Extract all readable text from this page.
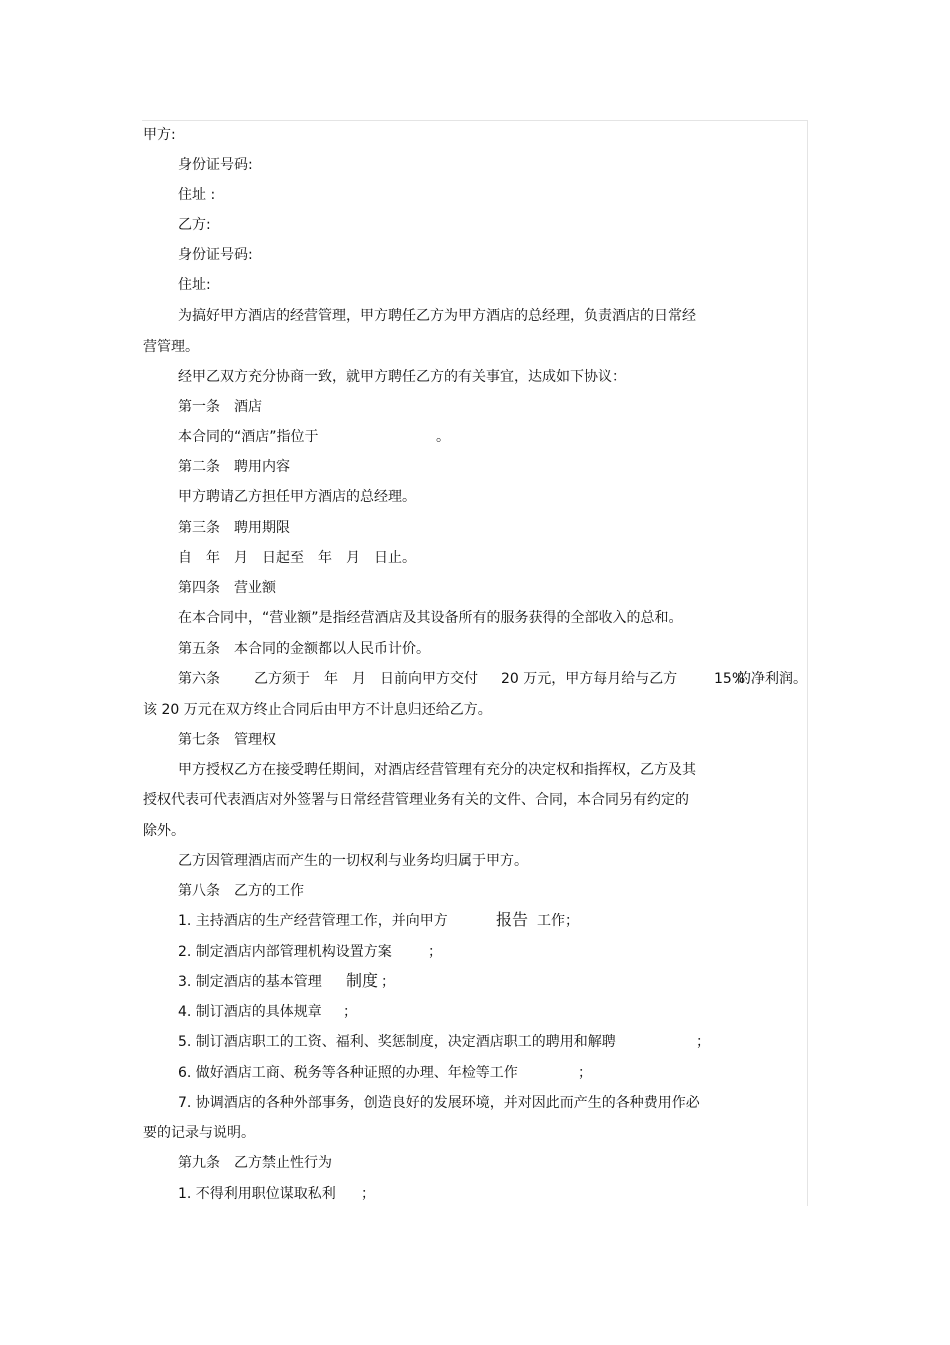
甲方:
身份证号码:
住址 :
乙方:
身份证号码:
住址:
为搞好甲方酒店的经营管理，甲方聘任乙方为甲方酒店的总经理，负责酒店的日常经
营管理。
经甲乙双方充分协商一致，就甲方聘任乙方的有关事宜，达成如下协议：
第一条　酒店
本合同的“酒店”指位于	。
第二条　聘用内容
甲方聘请乙方担任甲方酒店的总经理。
第三条　聘用期限
自　年　月　日起至　年　月　日止。
第四条　营业额
在本合同中，“营业额”是指经营酒店及其设备所有的服务获得的全部收入的总和。
第五条　本合同的金额都以人民币计价。
第六条 乙方须于　年　月　日前向甲方交付 20 万元，甲方每月给与乙方	15%
的净利润。
该 20 万元在双方终止合同后由甲方不计息归还给乙方。
第七条　管理权
甲方授权乙方在接受聘任期间，对酒店经营管理有充分的决定权和指挥权，乙方及其
授权代表可代表酒店对外签署与日常经营管理业务有关的文件、合同，本合同另有约定的
除外。
乙方因管理酒店而产生的一切权利与业务均归属于甲方。
第八条　乙方的工作
1. 主持酒店的生产经营管理工作，并向甲方	报告 工作；
2. 制定酒店内部管理机构设置方案	；
3. 制定酒店的基本管理 制度 ；
4. 制订酒店的具体规章 ；
5. 制订酒店职工的工资、福利、奖惩制度，决定酒店职工的聘用和解聘	；
6. 做好酒店工商、税务等各种证照的办理、年检等工作	；
7. 协调酒店的各种外部事务，创造良好的发展环境，并对因此而产生的各种费用作必
要的记录与说明。
第九条　乙方禁止性行为
1. 不得利用职位谋取私利 ；
